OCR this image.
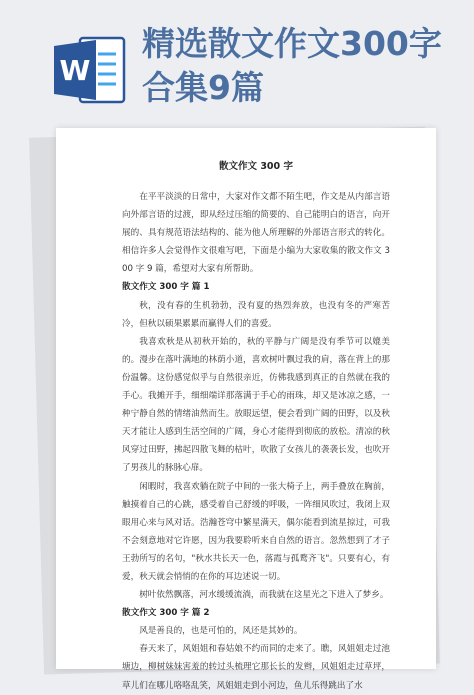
W
精选散文作文300字合集9篇
散文作文 300 字

在平平淡淡的日常中，大家对作文都不陌生吧，作文是从内部言语向外部言语的过渡，即从经过压缩的简要的、自己能明白的语言，向开展的、具有规范语法结构的、能为他人所理解的外部语言形式的转化。相信许多人会觉得作文很难写吧，下面是小编为大家收集的散文作文 300 字 9 篇，希望对大家有所帮助。

散文作文 300 字 篇 1

秋，没有春的生机勃勃，没有夏的热烈奔放，也没有冬的严寒苦冷，但秋以硕果累累而赢得人们的喜爱。

我喜欢秋是从初秋开始的，秋的平静与广阔是没有季节可以媲美的。漫步在落叶满地的林荫小道，喜欢树叶飘过我的肩，落在背上的那份温馨。这份感觉似乎与自然很亲近，仿佛我感到真正的自然就在我的手心。我摊开手，细细端详那落满于手心的雨珠，却又是冰凉之感，一种宁静自然的情绪油然而生。放眼远望，便会看到广阔的田野，以及秋天才能让人感到生活空间的广阔，身心才能得到彻底的放松。清凉的秋风穿过田野，拂起四散飞舞的枯叶，吹散了女孩儿的袭袭长发，也吹开了男孩儿的脉脉心扉。

闲暇时，我喜欢躺在院子中间的一张大椅子上，两手叠放在胸前，触摸着自己的心跳，感受着自己舒缓的呼吸，一阵细风吹过，我闭上双眼用心来与风对话。浩瀚苍穹中繁星满天，偶尔能看到流星掠过，可我不会刻意地对它许愿，因为我要聆听来自自然的语言。忽然想到了才子王勃所写的名句，"秋水共长天一色，落霞与孤鹜齐飞"。只要有心，有爱，秋天就会悄悄的在你的耳边述说一切。

树叶依然飘落，河水缓缓流淌，而我就在这星光之下进入了梦乡。

散文作文 300 字 篇 2

风是善良的，也是可怕的，风还是其妙的。

春天来了，风姐姐和春姑娘不约而同的走来了。瞧，风姐姐走过池塘边，柳树妹妹害羞的转过头梳理它那长长的发辫，风姐姐走过草坪，草儿们在哪儿咯咯乱笑，风姐姐走到小河边，鱼儿乐得跳出了水
